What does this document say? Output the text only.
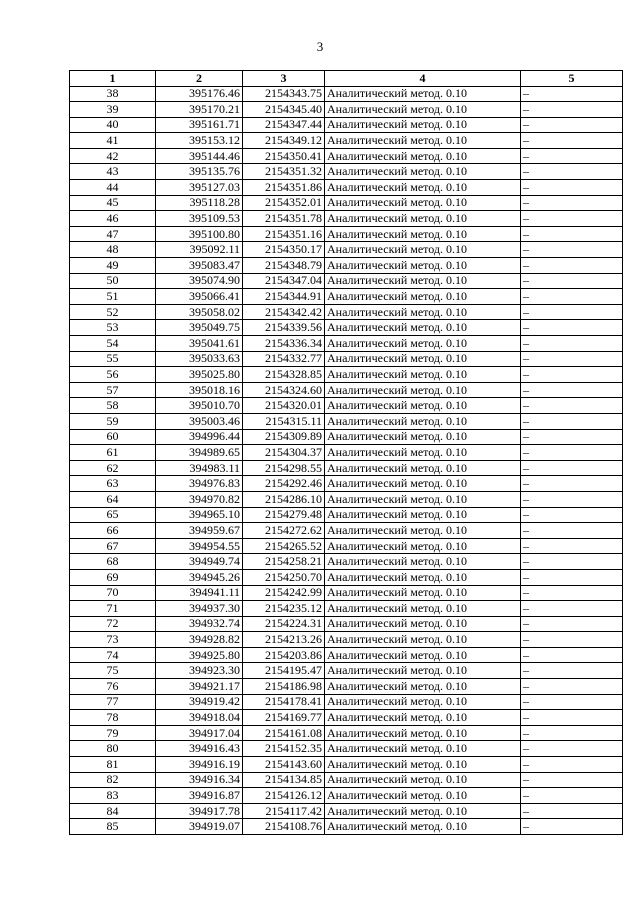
3
1	2	3	4	5
38	395176.46	2154343.75	Аналитический метод. 0.10	–
39	395170.21	2154345.40	Аналитический метод. 0.10	–
40	395161.71	2154347.44	Аналитический метод. 0.10	–
41	395153.12	2154349.12	Аналитический метод. 0.10	–
42	395144.46	2154350.41	Аналитический метод. 0.10	–
43	395135.76	2154351.32	Аналитический метод. 0.10	–
44	395127.03	2154351.86	Аналитический метод. 0.10	–
45	395118.28	2154352.01	Аналитический метод. 0.10	–
46	395109.53	2154351.78	Аналитический метод. 0.10	–
47	395100.80	2154351.16	Аналитический метод. 0.10	–
48	395092.11	2154350.17	Аналитический метод. 0.10	–
49	395083.47	2154348.79	Аналитический метод. 0.10	–
50	395074.90	2154347.04	Аналитический метод. 0.10	–
51	395066.41	2154344.91	Аналитический метод. 0.10	–
52	395058.02	2154342.42	Аналитический метод. 0.10	–
53	395049.75	2154339.56	Аналитический метод. 0.10	–
54	395041.61	2154336.34	Аналитический метод. 0.10	–
55	395033.63	2154332.77	Аналитический метод. 0.10	–
56	395025.80	2154328.85	Аналитический метод. 0.10	–
57	395018.16	2154324.60	Аналитический метод. 0.10	–
58	395010.70	2154320.01	Аналитический метод. 0.10	–
59	395003.46	2154315.11	Аналитический метод. 0.10	–
60	394996.44	2154309.89	Аналитический метод. 0.10	–
61	394989.65	2154304.37	Аналитический метод. 0.10	–
62	394983.11	2154298.55	Аналитический метод. 0.10	–
63	394976.83	2154292.46	Аналитический метод. 0.10	–
64	394970.82	2154286.10	Аналитический метод. 0.10	–
65	394965.10	2154279.48	Аналитический метод. 0.10	–
66	394959.67	2154272.62	Аналитический метод. 0.10	–
67	394954.55	2154265.52	Аналитический метод. 0.10	–
68	394949.74	2154258.21	Аналитический метод. 0.10	–
69	394945.26	2154250.70	Аналитический метод. 0.10	–
70	394941.11	2154242.99	Аналитический метод. 0.10	–
71	394937.30	2154235.12	Аналитический метод. 0.10	–
72	394932.74	2154224.31	Аналитический метод. 0.10	–
73	394928.82	2154213.26	Аналитический метод. 0.10	–
74	394925.80	2154203.86	Аналитический метод. 0.10	–
75	394923.30	2154195.47	Аналитический метод. 0.10	–
76	394921.17	2154186.98	Аналитический метод. 0.10	–
77	394919.42	2154178.41	Аналитический метод. 0.10	–
78	394918.04	2154169.77	Аналитический метод. 0.10	–
79	394917.04	2154161.08	Аналитический метод. 0.10	–
80	394916.43	2154152.35	Аналитический метод. 0.10	–
81	394916.19	2154143.60	Аналитический метод. 0.10	–
82	394916.34	2154134.85	Аналитический метод. 0.10	–
83	394916.87	2154126.12	Аналитический метод. 0.10	–
84	394917.78	2154117.42	Аналитический метод. 0.10	–
85	394919.07	2154108.76	Аналитический метод. 0.10	–
